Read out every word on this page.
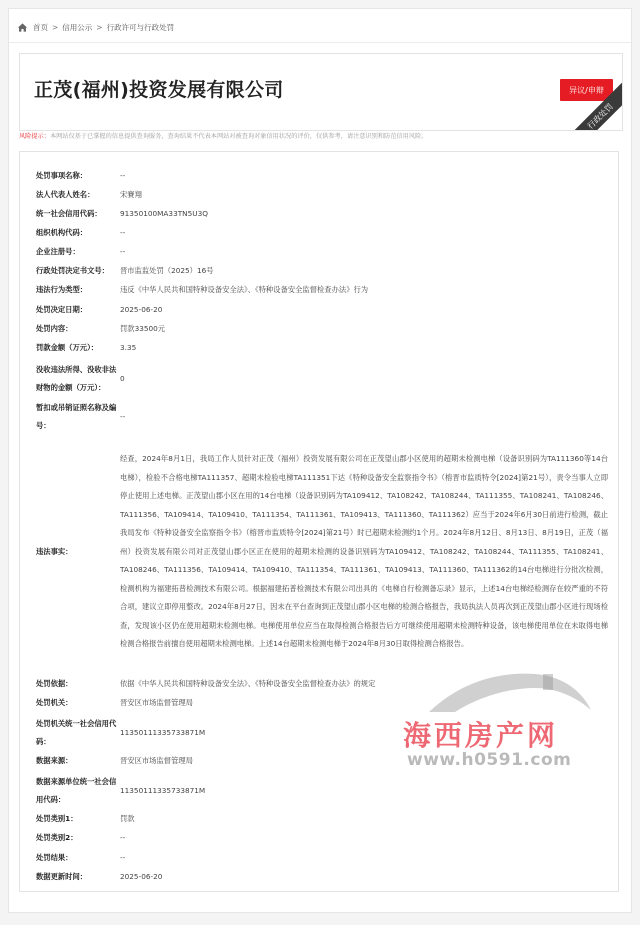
首页 > 信用公示 > 行政许可与行政处罚
正茂(福州)投资发展有限公司	异议/申辩
行政处罚
风险提示：本网站仅基于已掌握的信息提供查询服务，查询结果不代表本网站对被查询对象信用状况的评价，仅供参考，请注意识别和防范信用风险。
处罚事项名称：	--
法人代表人姓名：	宋賽翔
统一社会信用代码：	91350100MA33TN5U3Q
组织机构代码：	--
企业注册号：	--
行政处罚决定书文号：	晋市监监处罚（2025）16号
违法行为类型：	违反《中华人民共和国特种设备安全法》、《特种设备安全监督检查办法》行为
处罚决定日期：	2025-06-20
处罚内容：	罚款33500元
罚款金额（万元）：	3.35
没收违法所得、没收非法财物的金额（万元）：
0
暂扣或吊销证照名称及编号：
--
违法事实：
经查，2024年8月1日，我局工作人员针对正茂（福州）投资发展有限公司在正茂望山郡小区使用的超期未检测电梯（设备识别码为TA111360等14台电梯），检验不合格电梯TA111357、超期未检验电梯TA111351下达《特种设备安全监察指令书》（榕晋市监质特令[2024]第21号），责令当事人立即停止使用上述电梯。正茂望山郡小区在用的14台电梯（设备识别码为TA109412、TA108242、TA108244、TA111355、TA108241、TA108246、TA111356、TA109414、TA109410、TA111354、TA111361、TA109413、TA111360、TA111362）应当于2024年6月30日前进行检测，截止我局发布《特种设备安全监察指令书》（榕晋市监质特令[2024]第21号）时已超期未检测约1个月。2024年8月12日、8月13日、8月19日，正茂（福州）投资发展有限公司对正茂望山郡小区正在使用的超期未检测的设备识别码为TA109412、TA108242、TA108244、TA111355、TA108241、TA108246、TA111356、TA109414、TA109410、TA111354、TA111361、TA109413、TA111360、TA111362的14台电梯进行分批次检测，检测机构为福建拓普检测技术有限公司。根据福建拓普检测技术有限公司出具的《电梯自行检测备忘录》显示，上述14台电梯经检测存在较严重的不符合项，建议立即停用整改。2024年8月27日，因未在平台查询到正茂望山郡小区电梯的检测合格报告，我局执法人员再次到正茂望山郡小区进行现场检查，发现该小区仍在使用超期未检测电梯。电梯使用单位应当在取得检测合格报告后方可继续使用超期未检测特种设备，该电梯使用单位在未取得电梯检测合格报告前擅自使用超期未检测电梯。上述14台超期未检测电梯于2024年8月30日取得检测合格报告。
处罚依据：	依据《中华人民共和国特种设备安全法》、《特种设备安全监督检查办法》的规定
处罚机关：	晋安区市场监督管理局
处罚机关统一社会信用代码：
11350111335733871M
数据来源：	晋安区市场监督管理局
数据来源单位统一社会信用代码：
11350111335733871M
处罚类别1：	罚款
处罚类别2：	--
处罚结果：	--
数据更新时间：	2025-06-20
海西房产网
www.h0591.com
